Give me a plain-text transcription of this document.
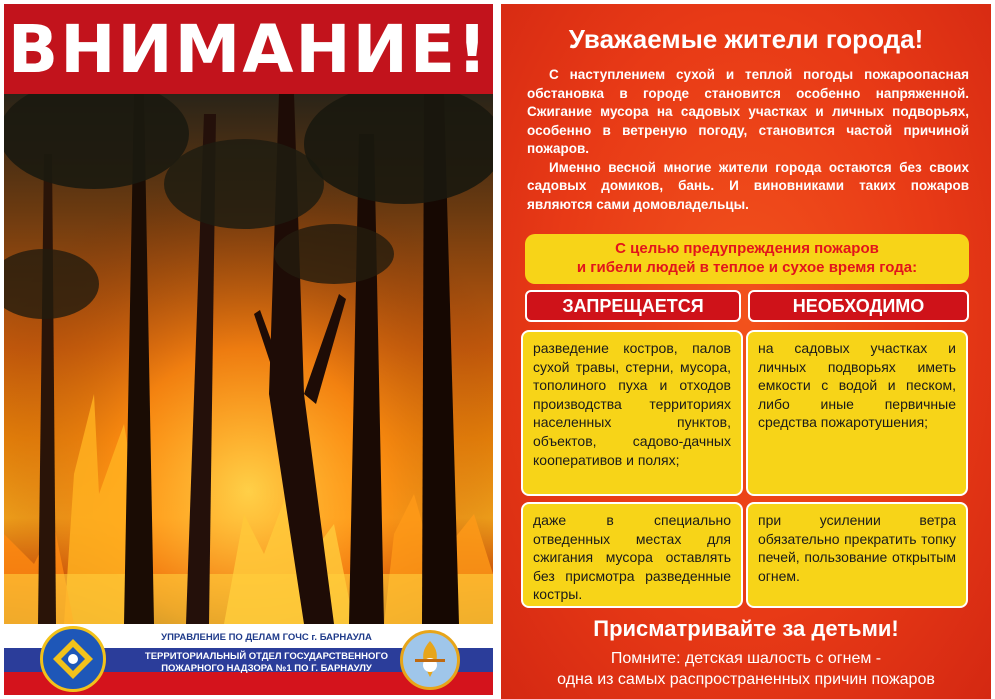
ВНИМАНИЕ!
УПРАВЛЕНИЕ ПО ДЕЛАМ ГОЧС г. БАРНАУЛА
ТЕРРИТОРИАЛЬНЫЙ ОТДЕЛ ГОСУДАРСТВЕННОГО
ПОЖАРНОГО НАДЗОРА №1 ПО Г. БАРНАУЛУ
Уважаемые жители города!

С наступлением сухой и теплой погоды пожароопасная обстановка в городе становится особенно напряженной. Сжигание мусора на садовых участках и личных подворьях, особенно в ветреную погоду, становится частой причиной пожаров.

Именно весной многие жители города остаются без своих садовых домиков, бань. И виновниками таких пожаров являются сами домовладельцы.

С целью предупреждения пожаров
и гибели людей в теплое и сухое время года:
ЗАПРЕЩАЕТСЯ	НЕОБХОДИМО
разведение костров, палов сухой травы, стерни, мусора, тополиного пуха и отходов производства территориях населенных пунктов, объектов, садово-дачных кооперативов и полях;
на садовых участках и личных подворьях иметь емкости с водой и песком, либо иные первичные средства пожаротушения;
даже в специально отведенных местах для сжигания мусора оставлять без присмотра разведенные костры.
при усилении ветра обязательно прекратить топку печей, пользование открытым огнем.
Присматривайте за детьми!
Помните: детская шалость с огнем -
одна из самых распространенных причин пожаров
